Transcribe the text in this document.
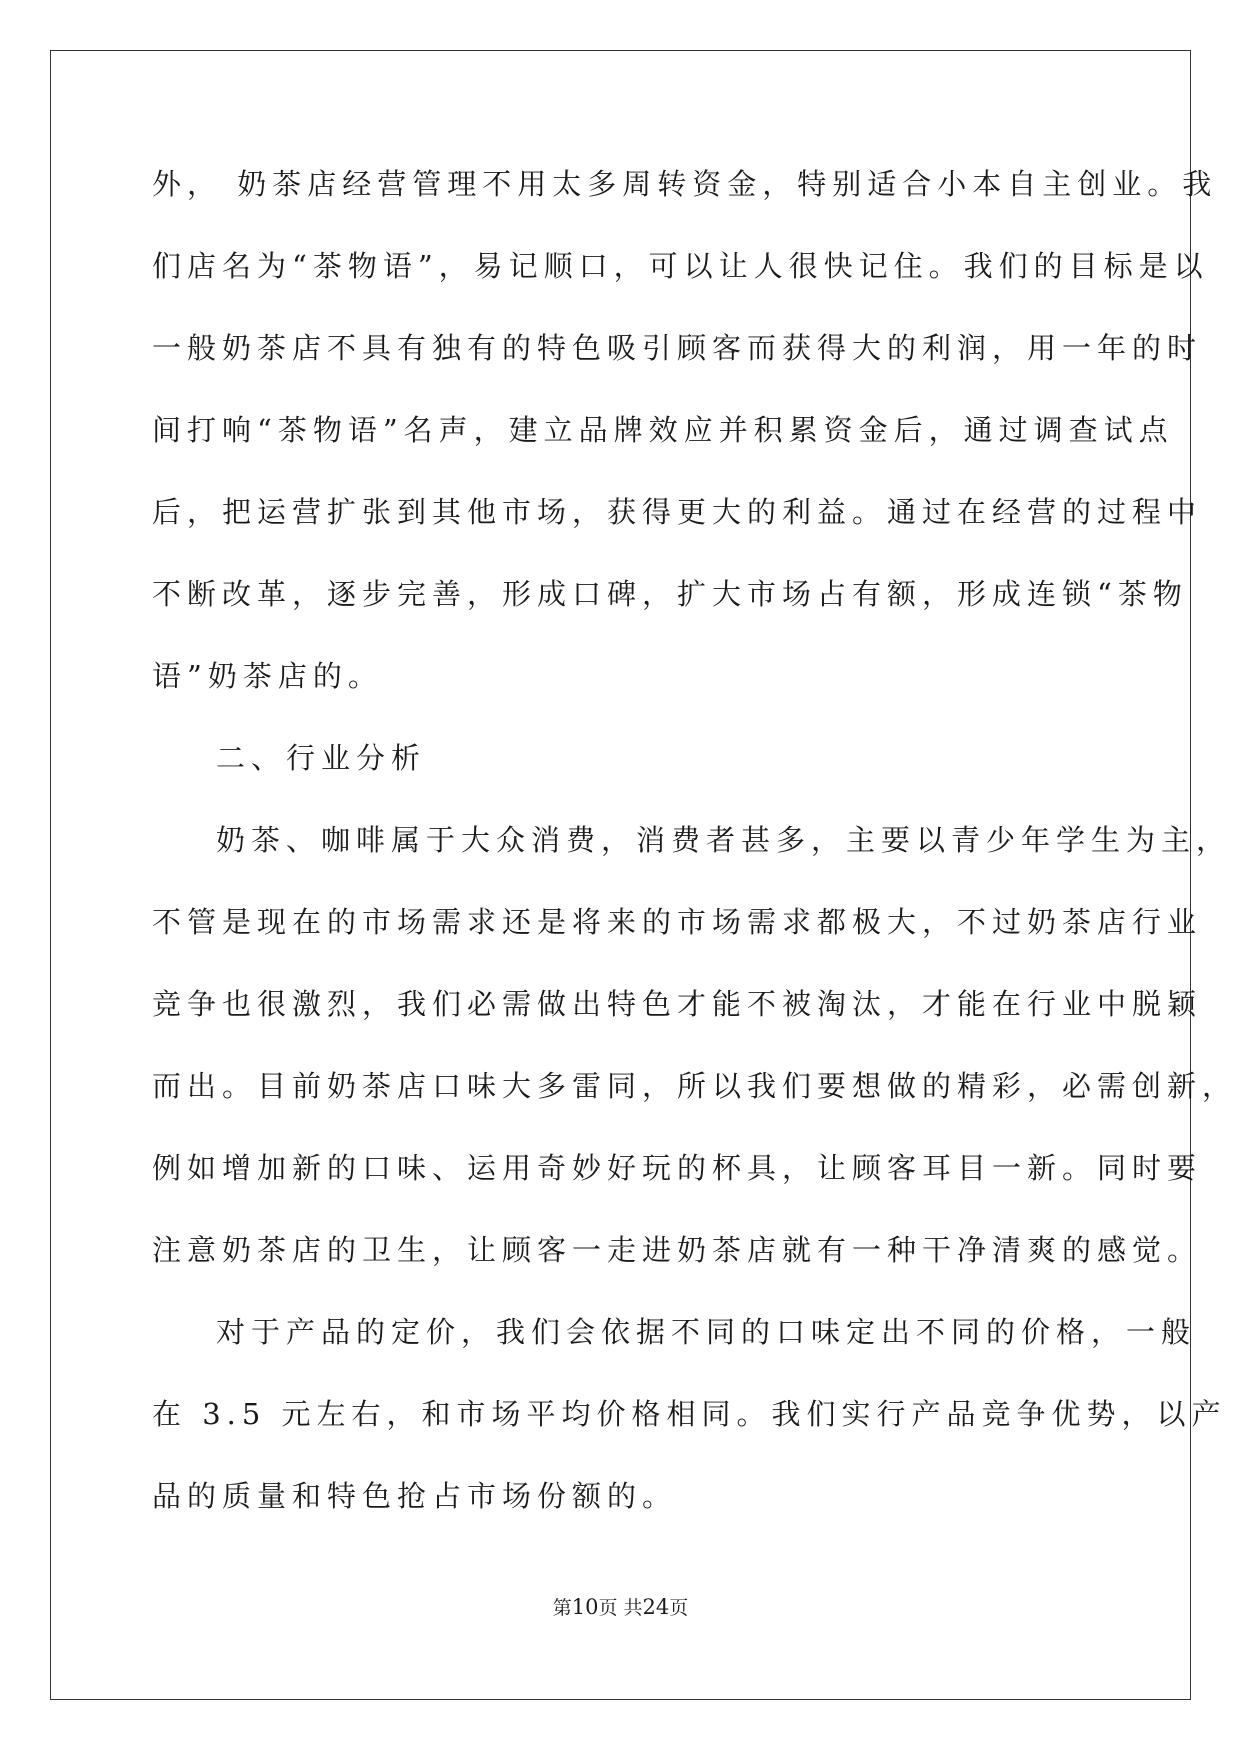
外， 奶茶店经营管理不用太多周转资金，特别适合小本自主创业。我
们店名为“茶物语”，易记顺口，可以让人很快记住。我们的目标是以
一般奶茶店不具有独有的特色吸引顾客而获得大的利润，用一年的时
间打响“茶物语”名声，建立品牌效应并积累资金后，通过调查试点
后，把运营扩张到其他市场，获得更大的利益。通过在经营的过程中
不断改革，逐步完善，形成口碑，扩大市场占有额，形成连锁“茶物
语”奶茶店的。
二、行业分析
奶茶、咖啡属于大众消费，消费者甚多，主要以青少年学生为主，
不管是现在的市场需求还是将来的市场需求都极大，不过奶茶店行业
竞争也很激烈，我们必需做出特色才能不被淘汰，才能在行业中脱颖
而出。目前奶茶店口味大多雷同，所以我们要想做的精彩，必需创新，
例如增加新的口味、运用奇妙好玩的杯具，让顾客耳目一新。同时要
注意奶茶店的卫生，让顾客一走进奶茶店就有一种干净清爽的感觉。
对于产品的定价，我们会依据不同的口味定出不同的价格，一般
在 3.5 元左右，和市场平均价格相同。我们实行产品竞争优势，以产
品的质量和特色抢占市场份额的。
第10页 共24页
